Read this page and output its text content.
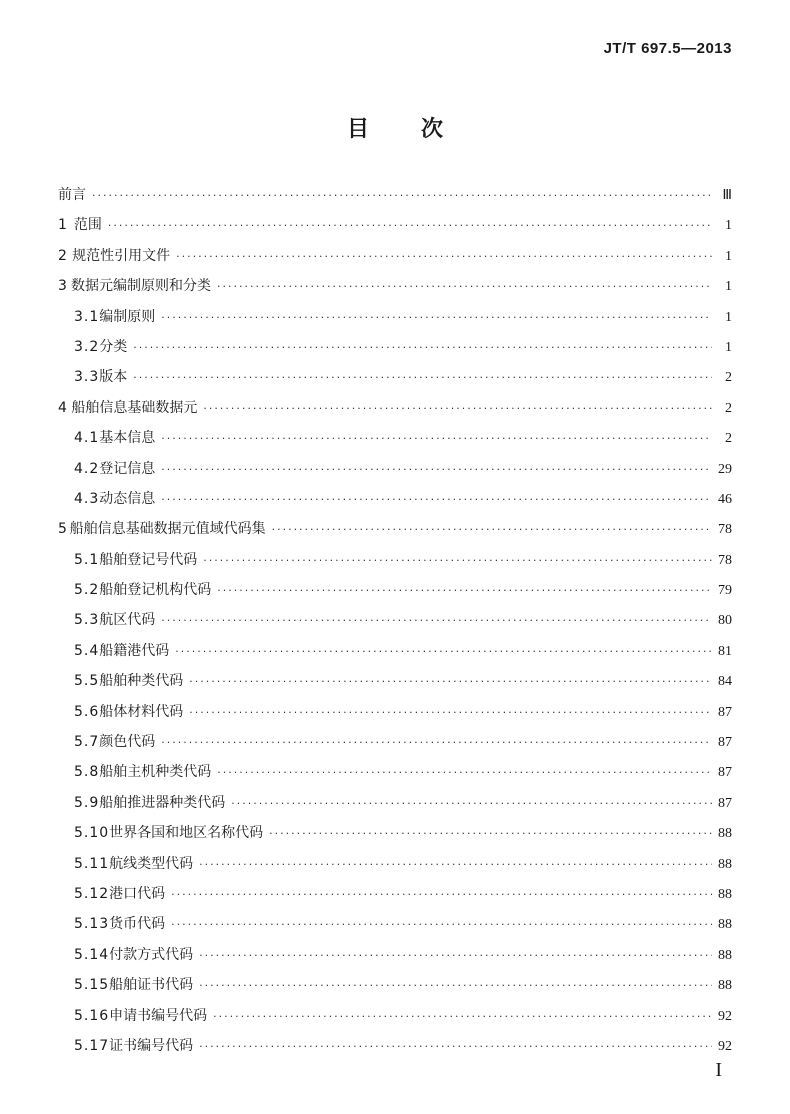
JT/T 697.5—2013
目 次
前言 ·····	Ⅲ
1 范围 ·····	1
2 规范性引用文件 ·····	1
3 数据元编制原则和分类 ·····	1
3.1 编制原则 ·····	1
3.2 分类 ·····	1
3.3 版本 ·····	2
4 船舶信息基础数据元 ·····	2
4.1 基本信息 ·····	2
4.2 登记信息 ·····	29
4.3 动态信息 ·····	46
5 船舶信息基础数据元值域代码集 ·····	78
5.1 船舶登记号代码 ·····	78
5.2 船舶登记机构代码 ·····	79
5.3 航区代码 ·····	80
5.4 船籍港代码 ·····	81
5.5 船舶种类代码 ·····	84
5.6 船体材料代码 ·····	87
5.7 颜色代码 ·····	87
5.8 船舶主机种类代码 ·····	87
5.9 船舶推进器种类代码 ·····	87
5.10 世界各国和地区名称代码 ·····	88
5.11 航线类型代码 ·····	88
5.12 港口代码 ·····	88
5.13 货币代码 ·····	88
5.14 付款方式代码 ·····	88
5.15 船舶证书代码 ·····	88
5.16 申请书编号代码 ·····	92
5.17 证书编号代码 ·····	92
I
